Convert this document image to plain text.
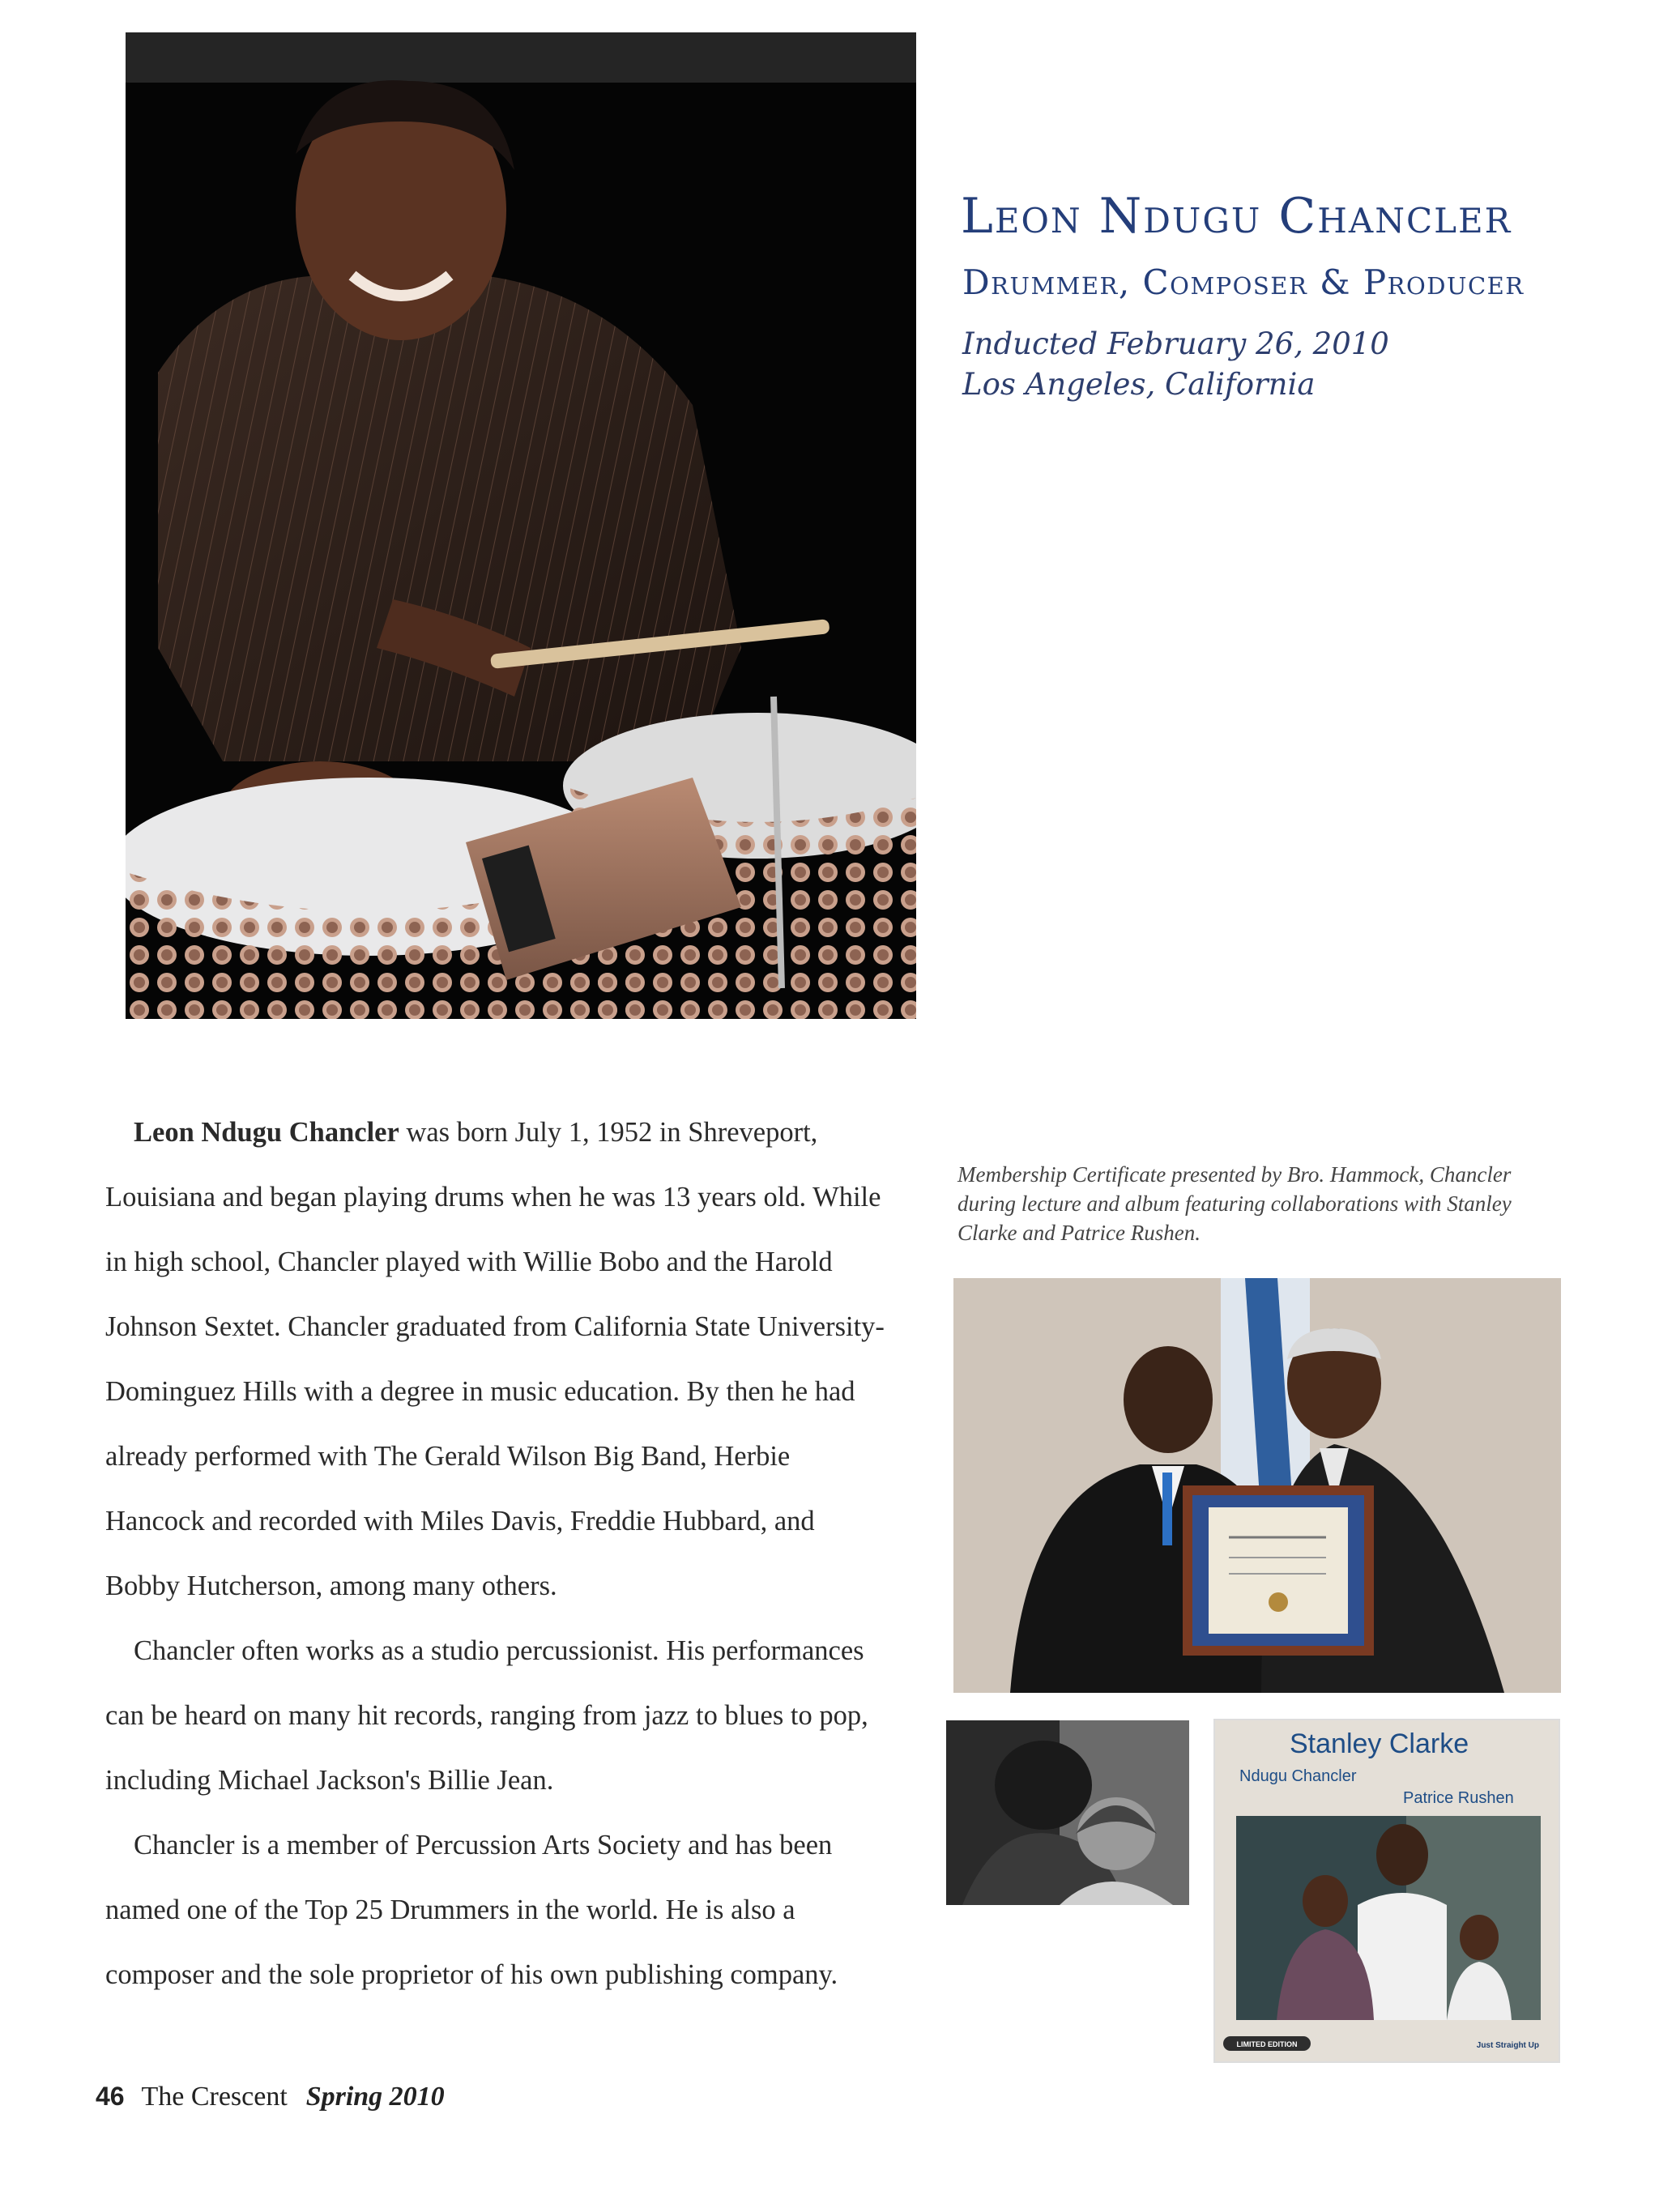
Leon Ndugu Chancler
Drummer, Composer & Producer
Inducted February 26, 2010
Los Angeles, California

Leon Ndugu Chancler was born July 1, 1952 in Shreveport, Louisiana and began playing drums when he was 13 years old. While in high school, Chancler played with Willie Bobo and the Harold Johnson Sextet. Chancler graduated from California State University-Dominguez Hills with a degree in music education. By then he had already performed with The Gerald Wilson Big Band, Herbie Hancock and recorded with Miles Davis, Freddie Hubbard, and Bobby Hutcherson, among many others.

Chancler often works as a studio percussionist. His performances can be heard on many hit records, ranging from jazz to blues to pop, including Michael Jackson's Billie Jean.

Chancler is a member of Percussion Arts Society and has been named one of the Top 25 Drummers in the world. He is also a composer and the sole proprietor of his own publishing company.

Membership Certificate presented by Bro. Hammock, Chancler during lecture and album featuring collaborations with Stanley Clarke and Patrice Rushen.
Stanley Clarke
Ndugu Chancler
Patrice Rushen
LIMITED EDITION	Just Straight Up
46 The Crescent Spring 2010
